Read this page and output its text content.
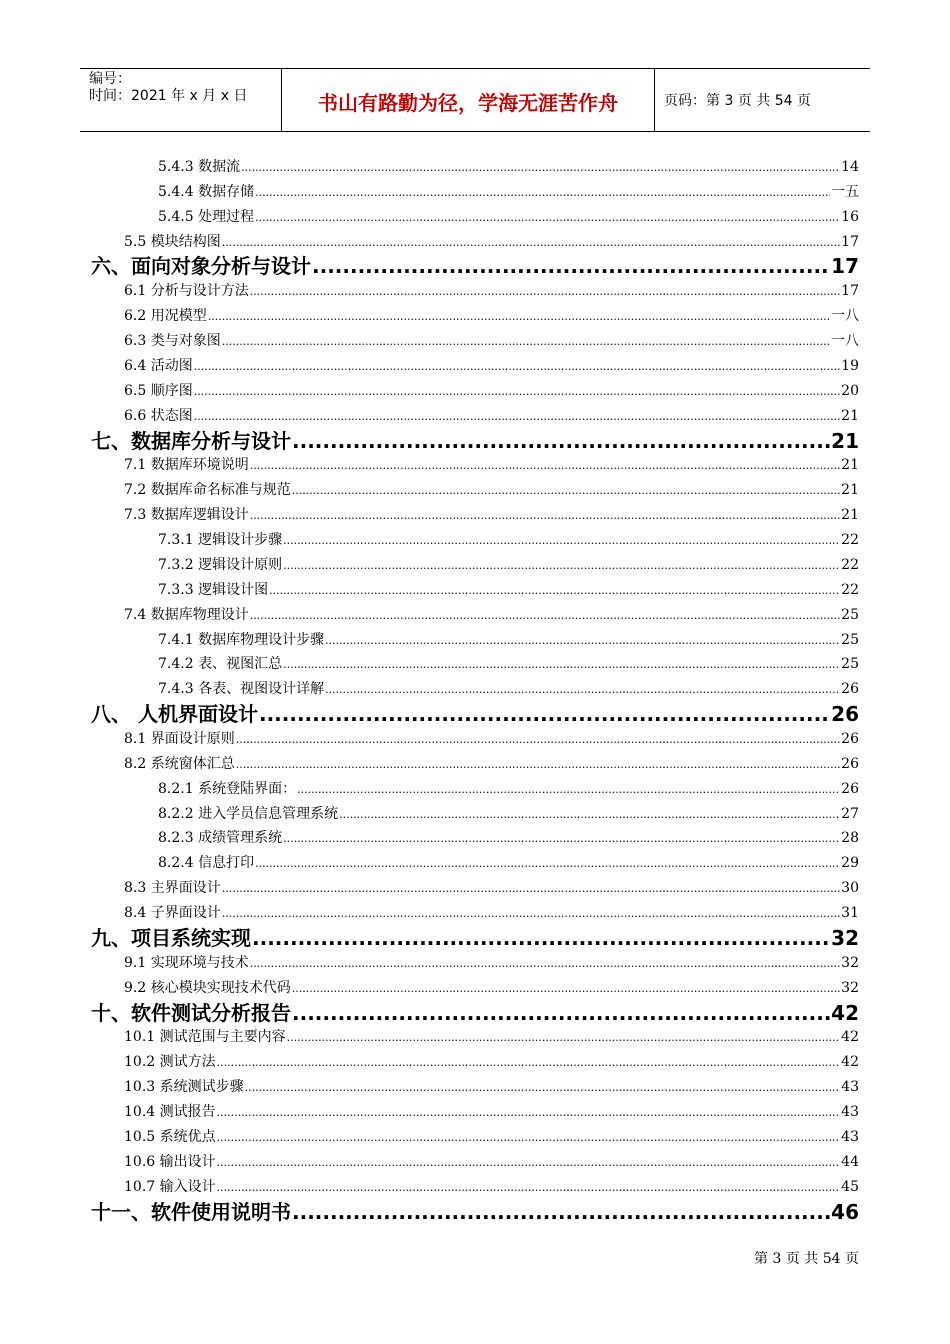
编号：
时间：2021 年 x 月 x 日	书山有路勤为径，学海无涯苦作舟	页码：第 3 页 共 54 页
5.4.3 数据流 .....	14
5.4.4 数据存储 .....	一五
5.4.5 处理过程 .....	16
5.5 模块结构图 .....	17
六、面向对象分析与设计 .....	17
6.1 分析与设计方法 .....	17
6.2 用况模型 .....	一八
6.3 类与对象图 .....	一八
6.4 活动图 .....	19
6.5 顺序图 .....	20
6.6 状态图 .....	21
七、数据库分析与设计 .....	21
7.1 数据库环境说明 .....	21
7.2 数据库命名标准与规范 .....	21
7.3 数据库逻辑设计 .....	21
7.3.1 逻辑设计步骤 .....	22
7.3.2 逻辑设计原则 .....	22
7.3.3 逻辑设计图 .....	22
7.4 数据库物理设计 .....	25
7.4.1 数据库物理设计步骤 .....	25
7.4.2 表、视图汇总 .....	25
7.4.3 各表、视图设计详解 .....	26
八、 人机界面设计 .....	26
8.1 界面设计原则 .....	26
8.2 系统窗体汇总 .....	26
8.2.1 系统登陆界面： .....	26
8.2.2 进入学员信息管理系统 .....	27
8.2.3 成绩管理系统 .....	28
8.2.4 信息打印 .....	29
8.3 主界面设计 .....	30
8.4 子界面设计 .....	31
九、项目系统实现 .....	32
9.1 实现环境与技术 .....	32
9.2 核心模块实现技术代码 .....	32
十、软件测试分析报告 .....	42
10.1 测试范围与主要内容 .....	42
10.2 测试方法 .....	42
10.3 系统测试步骤 .....	43
10.4 测试报告 .....	43
10.5 系统优点 .....	43
10.6 输出设计 .....	44
10.7 输入设计 .....	45
十一、软件使用说明书 .....	46
第 3 页 共 54 页
